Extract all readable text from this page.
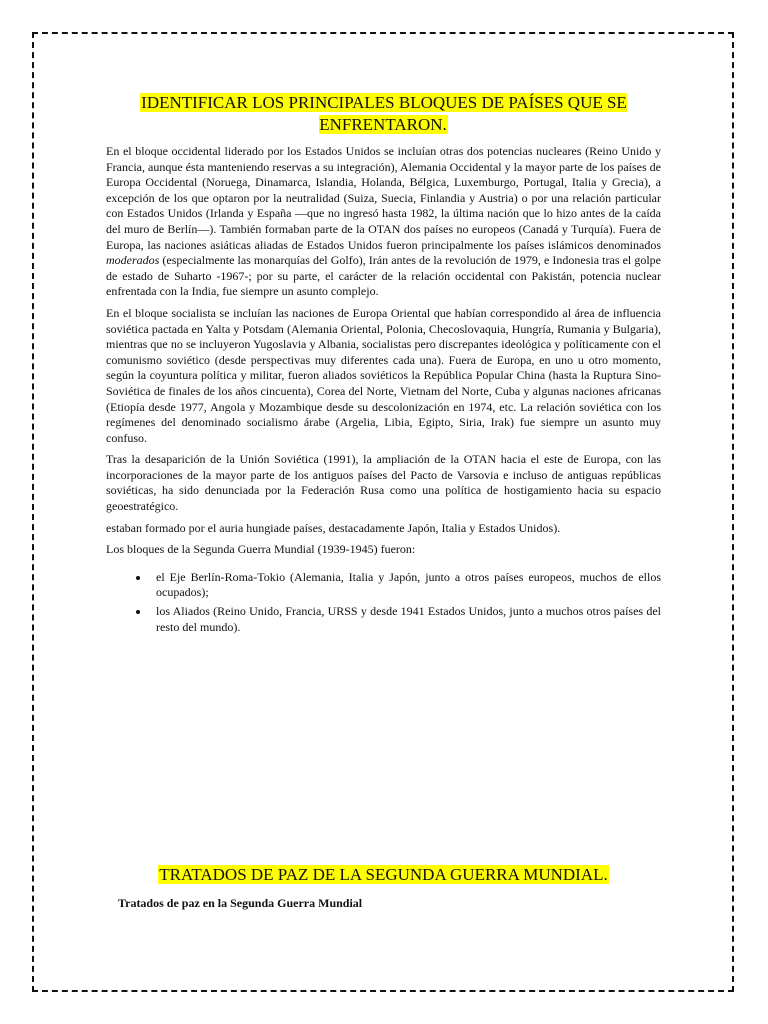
IDENTIFICAR LOS PRINCIPALES BLOQUES DE PAÍSES QUE SE ENFRENTARON.

En el bloque occidental liderado por los Estados Unidos se incluían otras dos potencias nucleares (Reino Unido y Francia, aunque ésta manteniendo reservas a su integración), Alemania Occidental y la mayor parte de los países de Europa Occidental (Noruega, Dinamarca, Islandia, Holanda, Bélgica, Luxemburgo, Portugal, Italia y Grecia), a excepción de los que optaron por la neutralidad (Suiza, Suecia, Finlandia y Austria) o por una relación particular con Estados Unidos (Irlanda y España —que no ingresó hasta 1982, la última nación que lo hizo antes de la caída del muro de Berlín—). También formaban parte de la OTAN dos países no europeos (Canadá y Turquía). Fuera de Europa, las naciones asiáticas aliadas de Estados Unidos fueron principalmente los países islámicos denominados moderados (especialmente las monarquías del Golfo), Irán antes de la revolución de 1979, e Indonesia tras el golpe de estado de Suharto -1967-; por su parte, el carácter de la relación occidental con Pakistán, potencia nuclear enfrentada con la India, fue siempre un asunto complejo.

En el bloque socialista se incluían las naciones de Europa Oriental que habían correspondido al área de influencia soviética pactada en Yalta y Potsdam (Alemania Oriental, Polonia, Checoslovaquia, Hungría, Rumania y Bulgaria), mientras que no se incluyeron Yugoslavia y Albania, socialistas pero discrepantes ideológica y políticamente con el comunismo soviético (desde perspectivas muy diferentes cada una). Fuera de Europa, en uno u otro momento, según la coyuntura política y militar, fueron aliados soviéticos la República Popular China (hasta la Ruptura Sino-Soviética de finales de los años cincuenta), Corea del Norte, Vietnam del Norte, Cuba y algunas naciones africanas (Etiopía desde 1977, Angola y Mozambique desde su descolonización en 1974, etc. La relación soviética con los regímenes del denominado socialismo árabe (Argelia, Libia, Egipto, Siria, Irak) fue siempre un asunto muy confuso.

Tras la desaparición de la Unión Soviética (1991), la ampliación de la OTAN hacia el este de Europa, con las incorporaciones de la mayor parte de los antiguos países del Pacto de Varsovia e incluso de antiguas repúblicas soviéticas, ha sido denunciada por la Federación Rusa como una política de hostigamiento hacia su espacio geoestratégico.

estaban formado por el auria hungiade países, destacadamente Japón, Italia y Estados Unidos).

Los bloques de la Segunda Guerra Mundial (1939-1945) fueron:

• el Eje Berlín-Roma-Tokio (Alemania, Italia y Japón, junto a otros países europeos, muchos de ellos ocupados);
• los Aliados (Reino Unido, Francia, URSS y desde 1941 Estados Unidos, junto a muchos otros países del resto del mundo).
TRATADOS DE PAZ DE LA SEGUNDA GUERRA MUNDIAL.

Tratados de paz en la Segunda Guerra Mundial
